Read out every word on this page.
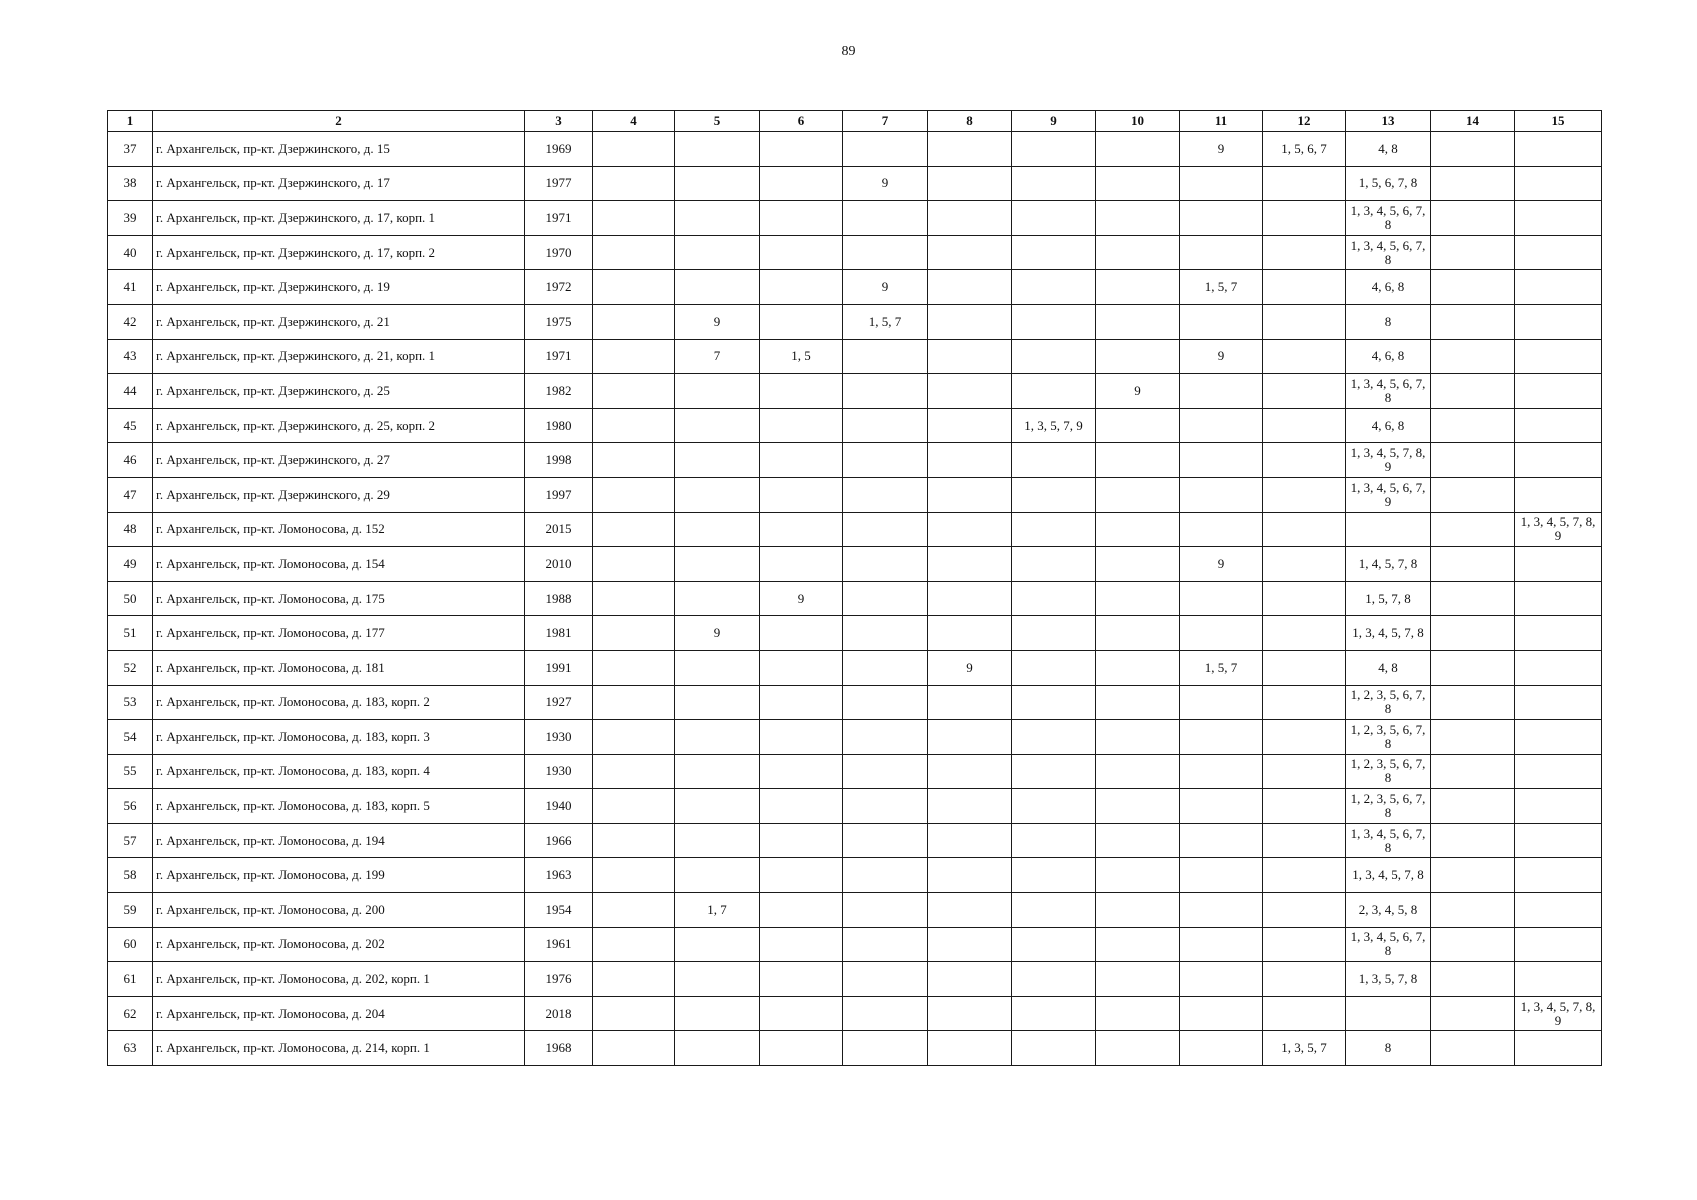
89
1	2	3	4	5	6	7	8	9	10	11	12	13	14	15
37	г. Архангельск, пр-кт. Дзержинского, д. 15	1969								9	1, 5, 6, 7	4, 8		
38	г. Архангельск, пр-кт. Дзержинского, д. 17	1977				9						1, 5, 6, 7, 8		
39	г. Архангельск, пр-кт. Дзержинского, д. 17, корп. 1	1971										1, 3, 4, 5, 6, 7, 8		
40	г. Архангельск, пр-кт. Дзержинского, д. 17, корп. 2	1970										1, 3, 4, 5, 6, 7, 8		
41	г. Архангельск, пр-кт. Дзержинского, д. 19	1972				9				1, 5, 7		4, 6, 8		
42	г. Архангельск, пр-кт. Дзержинского, д. 21	1975		9		1, 5, 7						8		
43	г. Архангельск, пр-кт. Дзержинского, д. 21, корп. 1	1971		7	1, 5					9		4, 6, 8		
44	г. Архангельск, пр-кт. Дзержинского, д. 25	1982							9			1, 3, 4, 5, 6, 7, 8		
45	г. Архангельск, пр-кт. Дзержинского, д. 25, корп. 2	1980						1, 3, 5, 7, 9				4, 6, 8		
46	г. Архангельск, пр-кт. Дзержинского, д. 27	1998										1, 3, 4, 5, 7, 8, 9		
47	г. Архангельск, пр-кт. Дзержинского, д. 29	1997										1, 3, 4, 5, 6, 7, 9		
48	г. Архангельск, пр-кт. Ломоносова, д. 152	2015												1, 3, 4, 5, 7, 8, 9
49	г. Архангельск, пр-кт. Ломоносова, д. 154	2010								9		1, 4, 5, 7, 8		
50	г. Архангельск, пр-кт. Ломоносова, д. 175	1988			9							1, 5, 7, 8		
51	г. Архангельск, пр-кт. Ломоносова, д. 177	1981		9								1, 3, 4, 5, 7, 8		
52	г. Архангельск, пр-кт. Ломоносова, д. 181	1991					9			1, 5, 7		4, 8		
53	г. Архангельск, пр-кт. Ломоносова, д. 183, корп. 2	1927										1, 2, 3, 5, 6, 7, 8		
54	г. Архангельск, пр-кт. Ломоносова, д. 183, корп. 3	1930										1, 2, 3, 5, 6, 7, 8		
55	г. Архангельск, пр-кт. Ломоносова, д. 183, корп. 4	1930										1, 2, 3, 5, 6, 7, 8		
56	г. Архангельск, пр-кт. Ломоносова, д. 183, корп. 5	1940										1, 2, 3, 5, 6, 7, 8		
57	г. Архангельск, пр-кт. Ломоносова, д. 194	1966										1, 3, 4, 5, 6, 7, 8		
58	г. Архангельск, пр-кт. Ломоносова, д. 199	1963										1, 3, 4, 5, 7, 8		
59	г. Архангельск, пр-кт. Ломоносова, д. 200	1954		1, 7								2, 3, 4, 5, 8		
60	г. Архангельск, пр-кт. Ломоносова, д. 202	1961										1, 3, 4, 5, 6, 7, 8		
61	г. Архангельск, пр-кт. Ломоносова, д. 202, корп. 1	1976										1, 3, 5, 7, 8		
62	г. Архангельск, пр-кт. Ломоносова, д. 204	2018												1, 3, 4, 5, 7, 8, 9
63	г. Архангельск, пр-кт. Ломоносова, д. 214, корп. 1	1968									1, 3, 5, 7	8		
